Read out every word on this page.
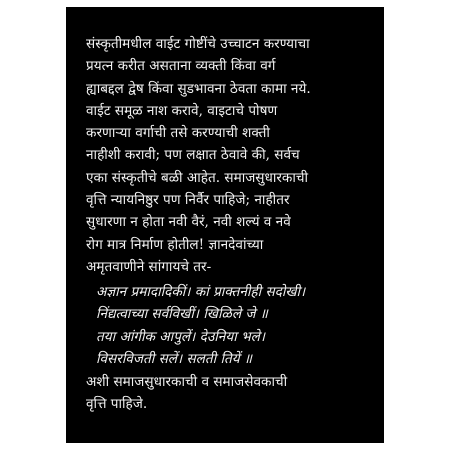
संस्कृतीमधील वाईट गोष्टींचे उच्चाटन करण्याचा
प्रयत्न करीत असताना व्यक्ती किंवा वर्ग
ह्याबद्दल द्वेष किंवा सुडभावना ठेवता कामा नये.
वाईट समूळ नाश करावे, वाइटाचे पोषण
करणाऱ्या वर्गाची तसे करण्याची शक्ती
नाहीशी करावी; पण लक्षात ठेवावे की, सर्वच
एका संस्कृतीचे बळी आहेत. समाजसुधारकाची
वृत्ति न्यायनिष्ठुर पण निर्वैर पाहिजे; नाहीतर
सुधारणा न होता नवी वैरं, नवी शल्यं व नवे
रोग मात्र निर्माण होतील! ज्ञानदेवांच्या
अमृतवाणीने सांगायचे तर-
अज्ञान प्रमादादिकीं। कां प्राक्तनीही सदोखी।
निंद्यत्वाच्या सर्वविखीं। खिळिले जे ॥
तया आंगीक आपुलें। देउनिया भले।
विसरविजती सलें। सलती तियें ॥
अशी समाजसुधारकाची व समाजसेवकाची
वृत्ति पाहिजे.
